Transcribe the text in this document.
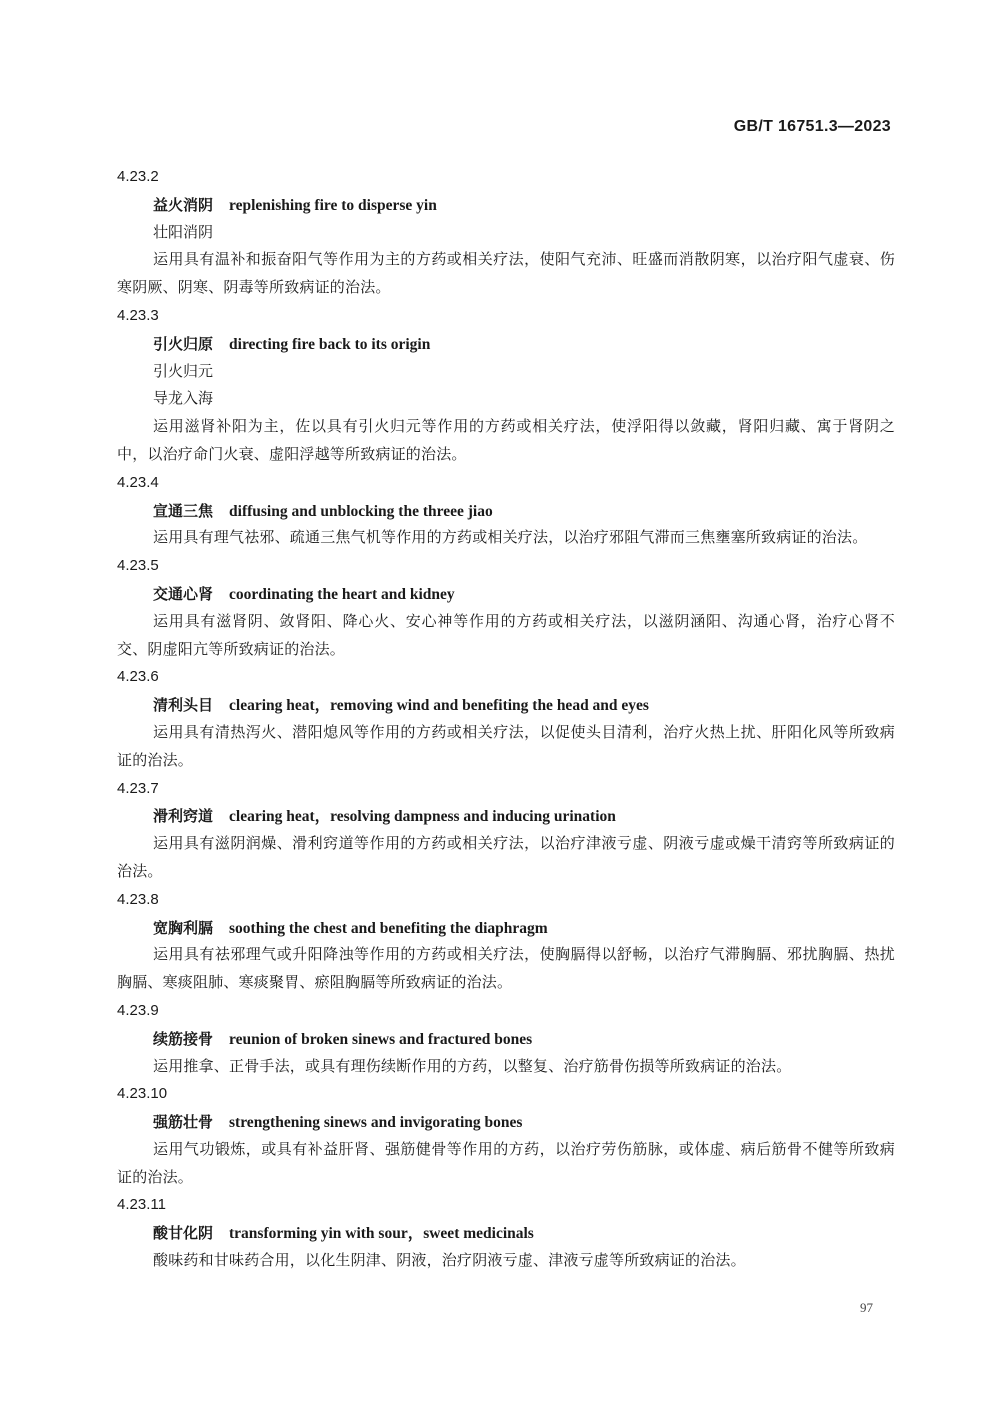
GB/T 16751.3—2023
4.23.2
益火消阴 replenishing fire to disperse yin
壮阳消阴
运用具有温补和振奋阳气等作用为主的方药或相关疗法，使阳气充沛、旺盛而消散阴寒，以治疗阳气虚衰、伤寒阴厥、阴寒、阴毒等所致病证的治法。
4.23.3
引火归原 directing fire back to its origin
引火归元
导龙入海
运用滋肾补阳为主，佐以具有引火归元等作用的方药或相关疗法，使浮阳得以敛藏，肾阳归藏、寓于肾阴之中，以治疗命门火衰、虚阳浮越等所致病证的治法。
4.23.4
宣通三焦 diffusing and unblocking the threee jiao
运用具有理气祛邪、疏通三焦气机等作用的方药或相关疗法，以治疗邪阻气滞而三焦壅塞所致病证的治法。
4.23.5
交通心肾 coordinating the heart and kidney
运用具有滋肾阴、敛肾阳、降心火、安心神等作用的方药或相关疗法，以滋阴涵阳、沟通心肾，治疗心肾不交、阴虚阳亢等所致病证的治法。
4.23.6
清利头目 clearing heat，removing wind and benefiting the head and eyes
运用具有清热泻火、潜阳熄风等作用的方药或相关疗法，以促使头目清利，治疗火热上扰、肝阳化风等所致病证的治法。
4.23.7
滑利窍道 clearing heat，resolving dampness and inducing urination
运用具有滋阴润燥、滑利窍道等作用的方药或相关疗法，以治疗津液亏虚、阴液亏虚或燥干清窍等所致病证的治法。
4.23.8
宽胸利膈 soothing the chest and benefiting the diaphragm
运用具有祛邪理气或升阳降浊等作用的方药或相关疗法，使胸膈得以舒畅，以治疗气滞胸膈、邪扰胸膈、热扰胸膈、寒痰阻肺、寒痰聚胃、瘀阻胸膈等所致病证的治法。
4.23.9
续筋接骨 reunion of broken sinews and fractured bones
运用推拿、正骨手法，或具有理伤续断作用的方药，以整复、治疗筋骨伤损等所致病证的治法。
4.23.10
强筋壮骨 strengthening sinews and invigorating bones
运用气功锻炼，或具有补益肝肾、强筋健骨等作用的方药，以治疗劳伤筋脉，或体虚、病后筋骨不健等所致病证的治法。
4.23.11
酸甘化阴 transforming yin with sour，sweet medicinals
酸味药和甘味药合用，以化生阴津、阴液，治疗阴液亏虚、津液亏虚等所致病证的治法。
97
